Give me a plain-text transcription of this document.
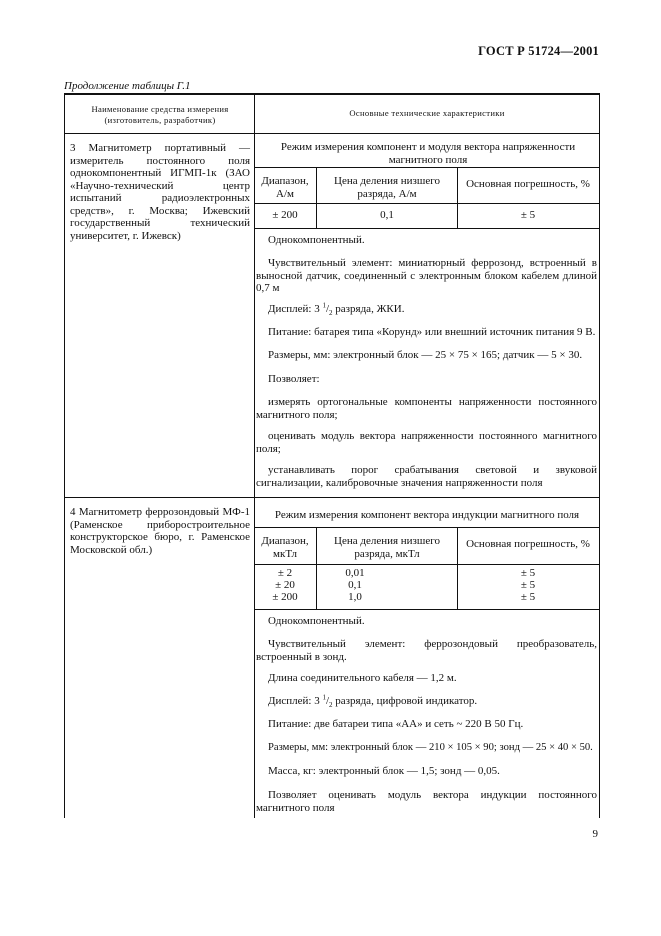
ГОСТ Р 51724—2001
Продолжение таблицы Г.1
Наименование средства измерения (изготовитель, разработчик)
Основные технические характеристики
3 Магнитометр портативный — измеритель постоянного поля однокомпонентный ИГМП-1к (ЗАО «Научно-технический центр испытаний радиоэлектронных средств», г. Москва; Ижевский государственный технический университет, г. Ижевск)
Режим измерения компонент и модуля вектора напряженности магнитного поля
Диапазон, А/м
Цена деления низшего разряда, А/м
Основная погрешность, %
± 200	0,1	± 5
Однокомпонентный.
Чувствительный элемент: миниатюрный феррозонд, встроенный в выносной датчик, соединенный с электронным блоком кабелем длиной 0,7 м
Дисплей: 3 $^1/_2$ разряда, ЖКИ.
Питание: батарея типа «Корунд» или внешний источник питания 9 В.
Размеры, мм: электронный блок — 25 × 75 × 165; датчик — 5 × 30.
Позволяет:
измерять ортогональные компоненты напряженности постоянного магнитного поля;
оценивать модуль вектора напряженности постоянного магнитного поля;
устанавливать порог срабатывания световой и звуковой сигнализации, калибровочные значения напряженности поля
4 Магнитометр феррозондовый МФ-1 (Раменское приборостроительное конструкторское бюро, г. Раменское Московской обл.)
Режим измерения компонент вектора индукции магнитного поля
Диапазон, мкТл
Цена деления низшего разряда, мкТл
Основная погрешность, %
± 2
± 20
± 200
0,01
0,1
1,0
± 5
± 5
± 5
Однокомпонентный.
Чувствительный элемент: феррозондовый преобразователь, встроенный в зонд.
Длина соединительного кабеля — 1,2 м.
Дисплей: 3 $^1/_2$ разряда, цифровой индикатор.
Питание: две батареи типа «АА» и сеть ~ 220 В 50 Гц.
Размеры, мм: электронный блок — 210 × 105 × 90; зонд — 25 × 40 × 50.
Масса, кг: электронный блок — 1,5; зонд — 0,05.
Позволяет оценивать модуль вектора индукции постоянного магнитного поля
9
